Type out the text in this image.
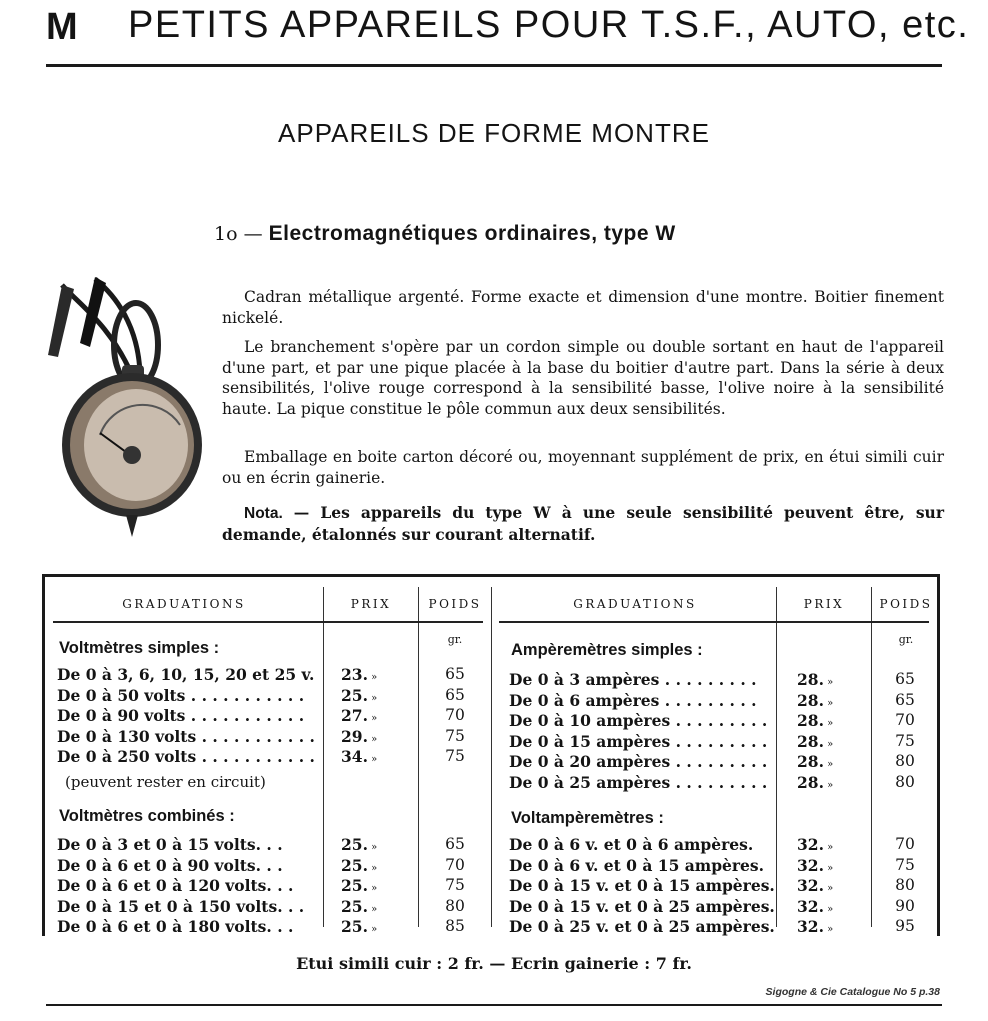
M PETITS APPAREILS POUR T.S.F., AUTO, etc.
APPAREILS DE FORME MONTRE
1o — Electromagnétiques ordinaires, type W
Cadran métallique argenté. Forme exacte et dimension d'une montre. Boitier finement nickelé.
Le branchement s'opère par un cordon simple ou double sortant en haut de l'appareil d'une part, et par une pique placée à la base du boitier d'autre part. Dans la série à deux sensibilités, l'olive rouge correspond à la sensibilité basse, l'olive noire à la sensibilité haute. La pique constitue le pôle commun aux deux sensibilités.
Emballage en boite carton décoré ou, moyennant supplément de prix, en étui simili cuir ou en écrin gainerie.
Nota. — Les appareils du type W à une seule sensibilité peuvent être, sur demande, étalonnés sur courant alternatif.
GRADUATIONS	PRIX	POIDS	GRADUATIONS	PRIX	POIDS
gr.	gr.
Voltmètres simples :
Voltmètres combinés :
Ampèremètres simples :
Voltampèremètres :
(peuvent rester en circuit)
De 0 à 3, 6, 10, 15, 20 et 25 v. 23. »	65
De 0 à 50 volts . . . . . . . . . . . 25. »	65
De 0 à 90 volts . . . . . . . . . . . 27. »	70
De 0 à 130 volts . . . . . . . . . . . 29. »	75
De 0 à 250 volts . . . . . . . . . . . 34. »	75
De 0 à 3 et 0 à 15 volts. . .	25. »	65
De 0 à 6 et 0 à 90 volts. . .	25. »	70
De 0 à 6 et 0 à 120 volts. . .	25. »	75
De 0 à 15 et 0 à 150 volts. . . 25. »	80
De 0 à 6 et 0 à 180 volts. . .	25. »	85
De 0 à 3 ampères . . . . . . . . .	28. »	65
De 0 à 6 ampères . . . . . . . . .	28. »	65
De 0 à 10 ampères . . . . . . . . . 28. »	70
De 0 à 15 ampères . . . . . . . . . 28. »	75
De 0 à 20 ampères . . . . . . . . . 28. »	80
De 0 à 25 ampères . . . . . . . . . 28. »	80
De 0 à 6 v. et 0 à 6 ampères.	32. »	70
De 0 à 6 v. et 0 à 15 ampères. 32. »	75
De 0 à 15 v. et 0 à 15 ampères. 32. »	80
De 0 à 15 v. et 0 à 25 ampères. 32. »	90
De 0 à 25 v. et 0 à 25 ampères. 32. »	95
Etui simili cuir : 2 fr. — Ecrin gainerie : 7 fr.
Sigogne & Cie Catalogue No 5 p.38
